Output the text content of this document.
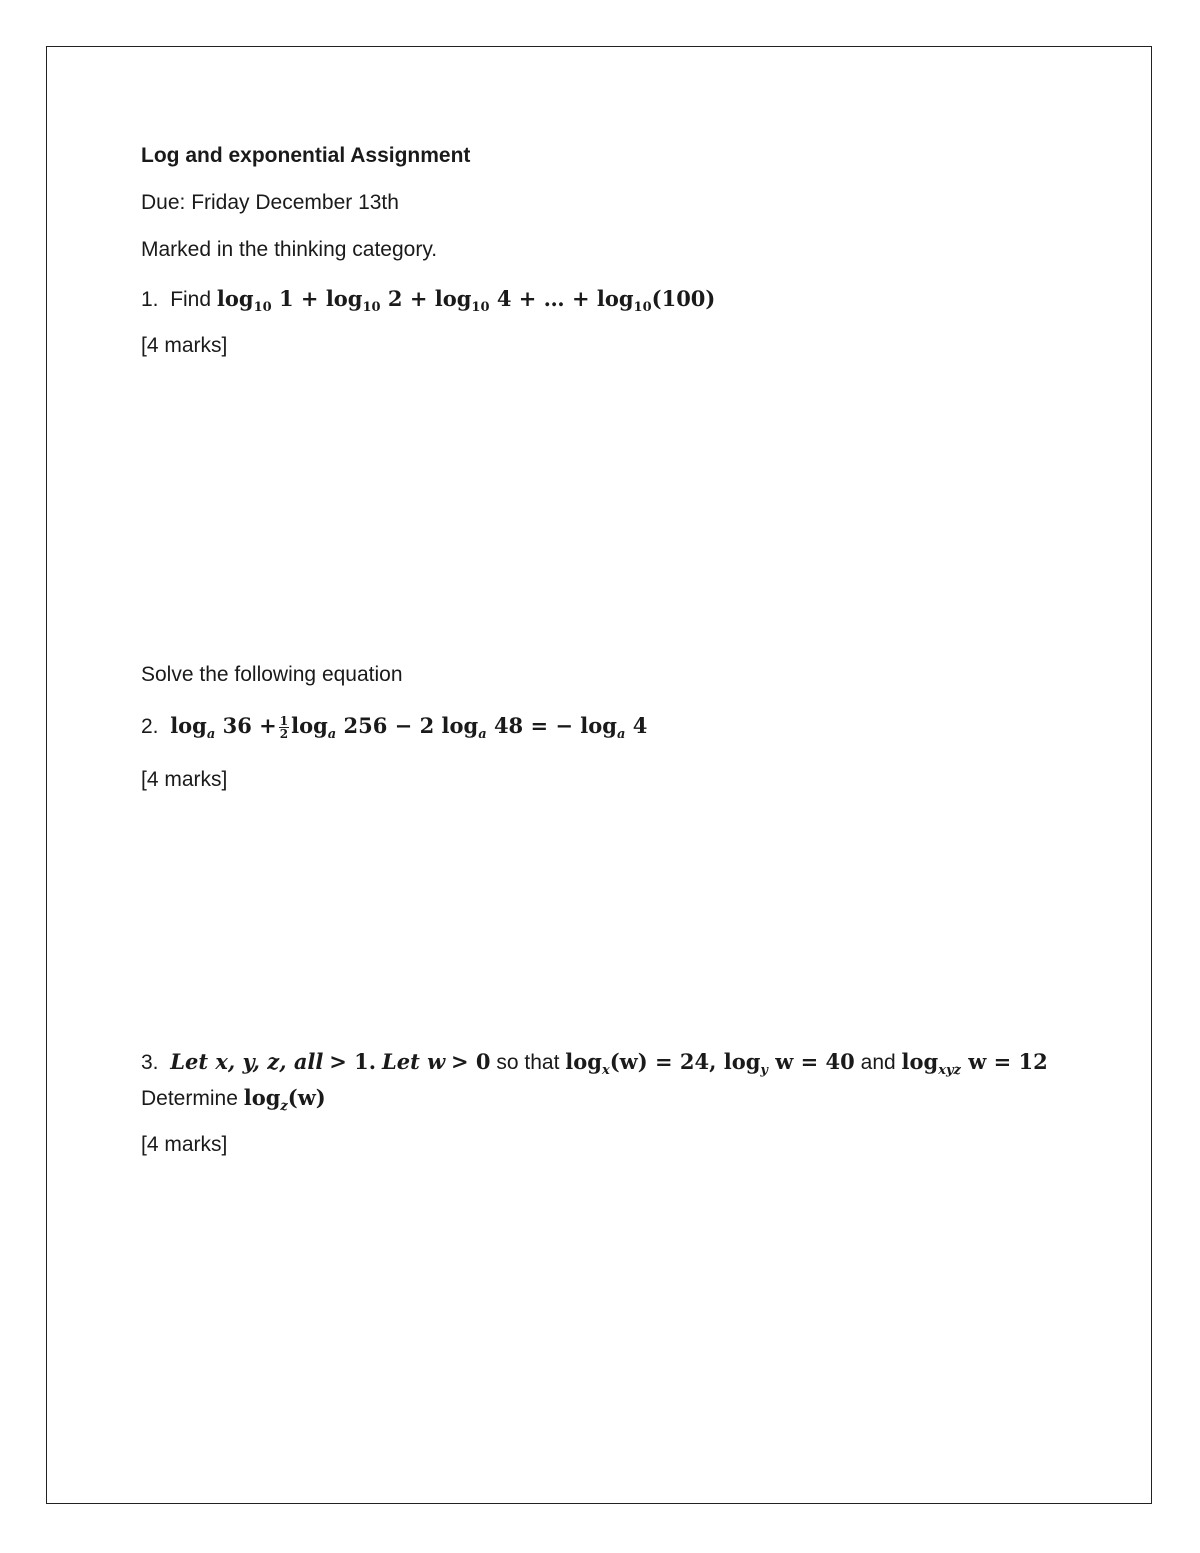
Log and exponential Assignment
Due: Friday December 13th
Marked in the thinking category.
1. Find $\log_{10} 1 + \log_{10} 2 + \log_{10} 4$ + … + $\log_{10}(100)$
[4 marks]
Solve the following equation
2. $\log_a 36 + \frac{1}{2} \log_a 256 - 2$ $\log_a 48$ = − $\log_a 4$
[4 marks]
3. Let x, y, z, all > 1. Let w > 0 so that $\log_x(w) = 24$, $\log_y w = 40$ and $\log_{xyz} w = 12$
Determine $\log_z(w)$
[4 marks]
